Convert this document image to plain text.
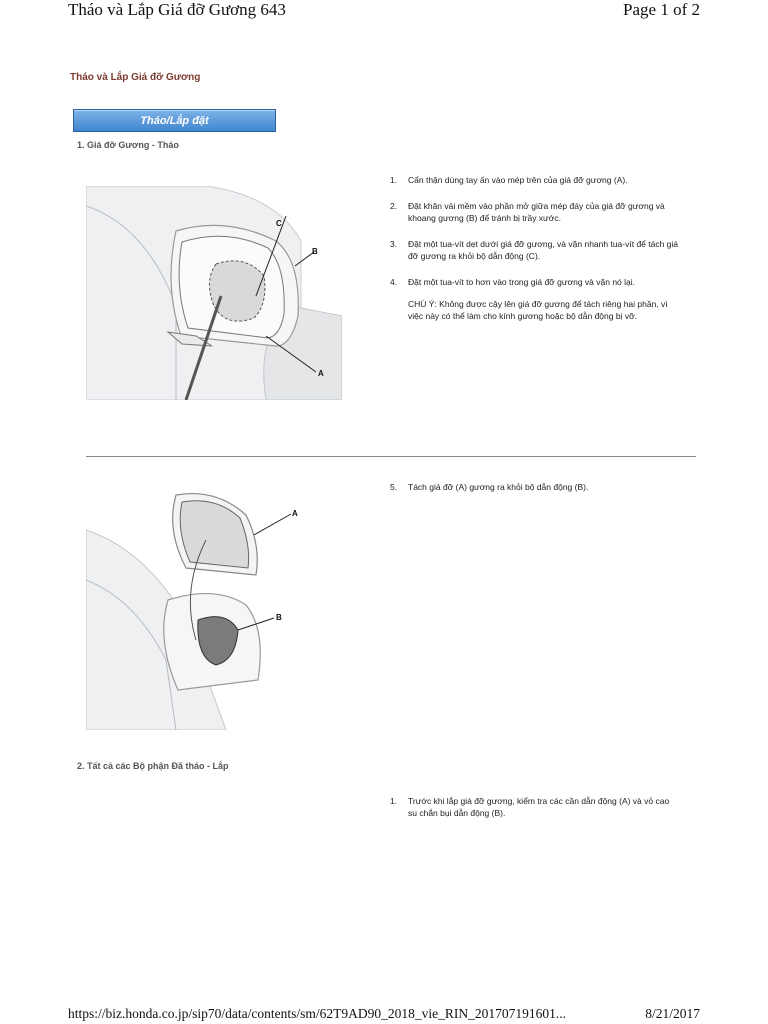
Tháo và Lắp Giá đỡ Gương 643	Page 1 of 2
Tháo và Lắp Giá đỡ Gương
Tháo/Lắp đặt
1. Giá đỡ Gương - Tháo
C
B
A
1.	Cẩn thận dùng tay ấn vào mép trên của giá đỡ gương (A).
2.	Đặt khăn vải mềm vào phần mở giữa mép đáy của giá đỡ gương và khoang gương (B) để tránh bị trầy xước.
3.	Đặt một tua-vít dẹt dưới giá đỡ gương, và vặn nhanh tua-vít để tách giá đỡ gương ra khỏi bộ dẫn động (C).
4.	Đặt một tua-vít to hơn vào trong giá đỡ gương và vặn nó lại.
CHÚ Ý: Không được cậy lên giá đỡ gương để tách riêng hai phần, vì việc này có thể làm cho kính gương hoặc bộ dẫn động bị vỡ.
A
B
5.	Tách giá đỡ (A) gương ra khỏi bộ dẫn động (B).
2. Tất cả các Bộ phận Đã tháo - Lắp
1.	Trước khi lắp giá đỡ gương, kiểm tra các cần dẫn động (A) và vỏ cao su chắn bụi dẫn động (B).
https://biz.honda.co.jp/sip70/data/contents/sm/62T9AD90_2018_vie_RIN_201707191601...	8/21/2017
